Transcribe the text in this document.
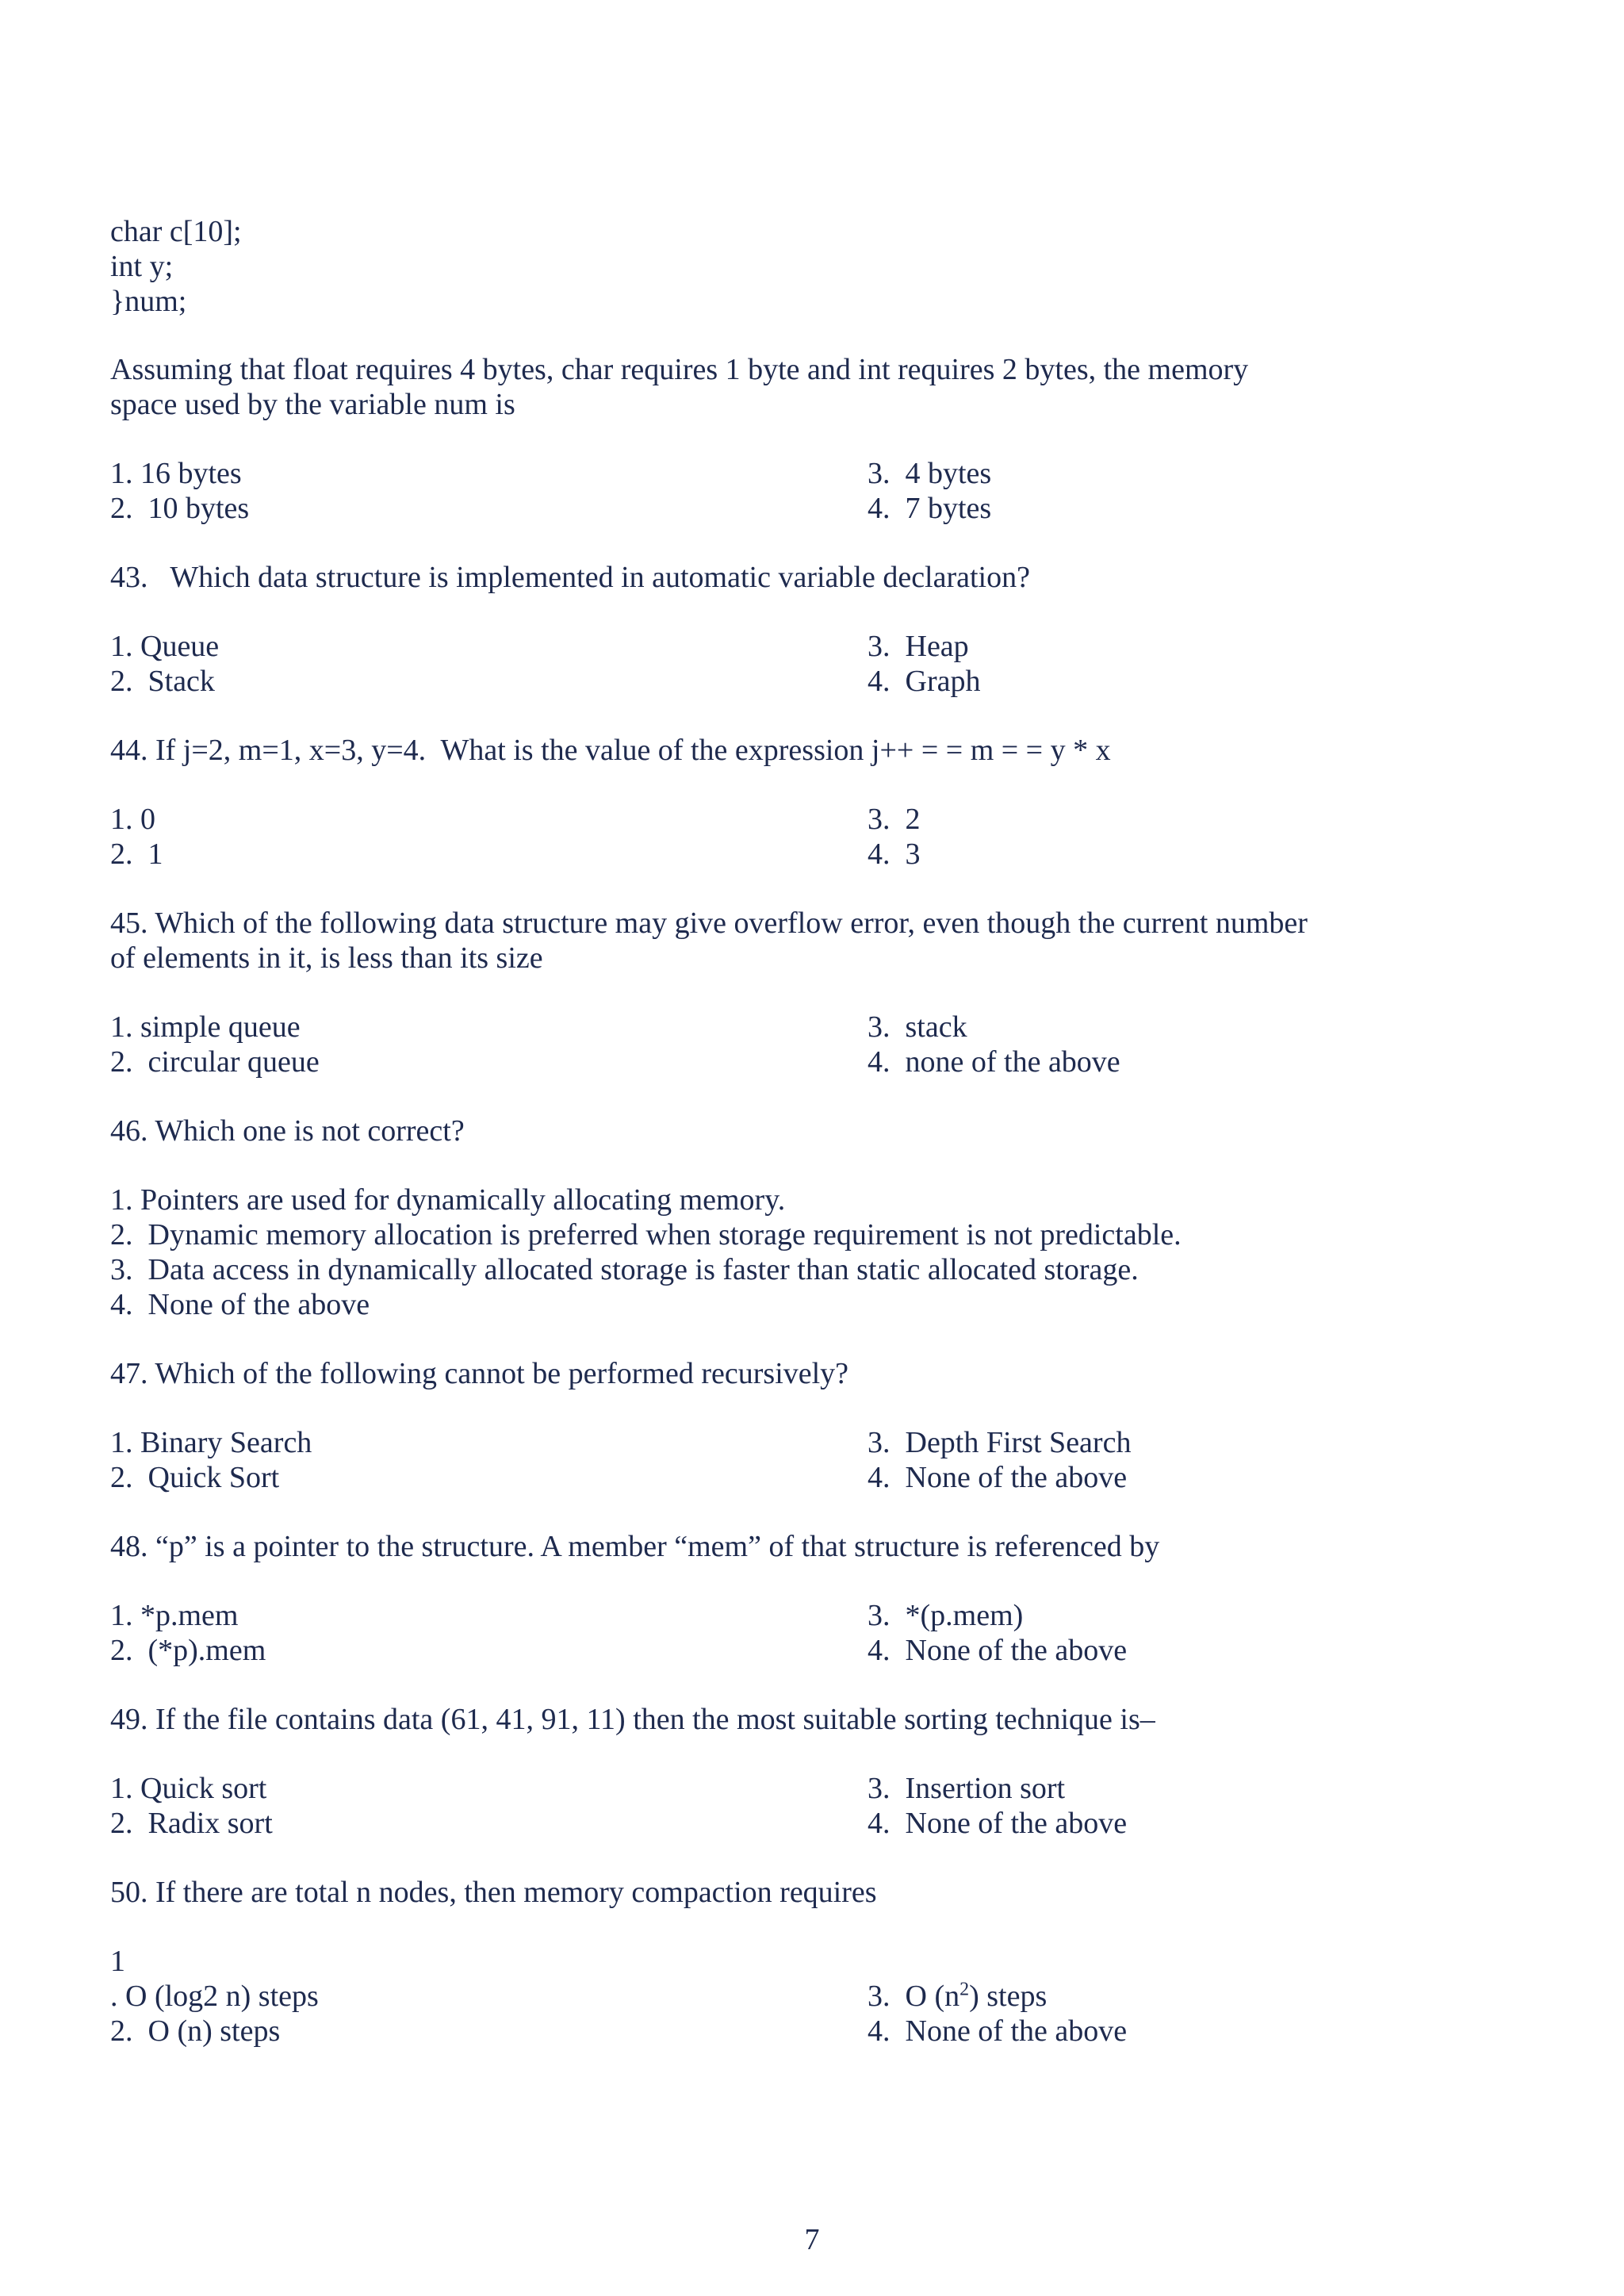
char c[10];
int y;
}num;
Assuming that float requires 4 bytes, char requires 1 byte and int requires 2 bytes, the memory
space used by the variable num is
1. 16 bytes
2.  10 bytes
3.  4 bytes
4.  7 bytes
43.   Which data structure is implemented in automatic variable declaration?
1. Queue
2.  Stack
3.  Heap
4.  Graph
44. If j=2, m=1, x=3, y=4.  What is the value of the expression j++ = = m = = y * x
1. 0
2.  1
3.  2
4.  3
45. Which of the following data structure may give overflow error, even though the current number
of elements in it, is less than its size
1. simple queue
2.  circular queue
3.  stack
4.  none of the above
46. Which one is not correct?
1. Pointers are used for dynamically allocating memory.
2.  Dynamic memory allocation is preferred when storage requirement is not predictable.
3.  Data access in dynamically allocated storage is faster than static allocated storage.
4.  None of the above
47. Which of the following cannot be performed recursively?
1. Binary Search
2.  Quick Sort
3.  Depth First Search
4.  None of the above
48. “p” is a pointer to the structure. A member “mem” of that structure is referenced by
1. *p.mem
2.  (*p).mem
3.  *(p.mem)
4.  None of the above
49. If the file contains data (61, 41, 91, 11) then the most suitable sorting technique is–
1. Quick sort
2.  Radix sort
3.  Insertion sort
4.  None of the above
50. If there are total n nodes, then memory compaction requires
1
. O (log2 n) steps
2.  O (n) steps
3.  O $(n^2)$ steps
4.  None of the above
7
